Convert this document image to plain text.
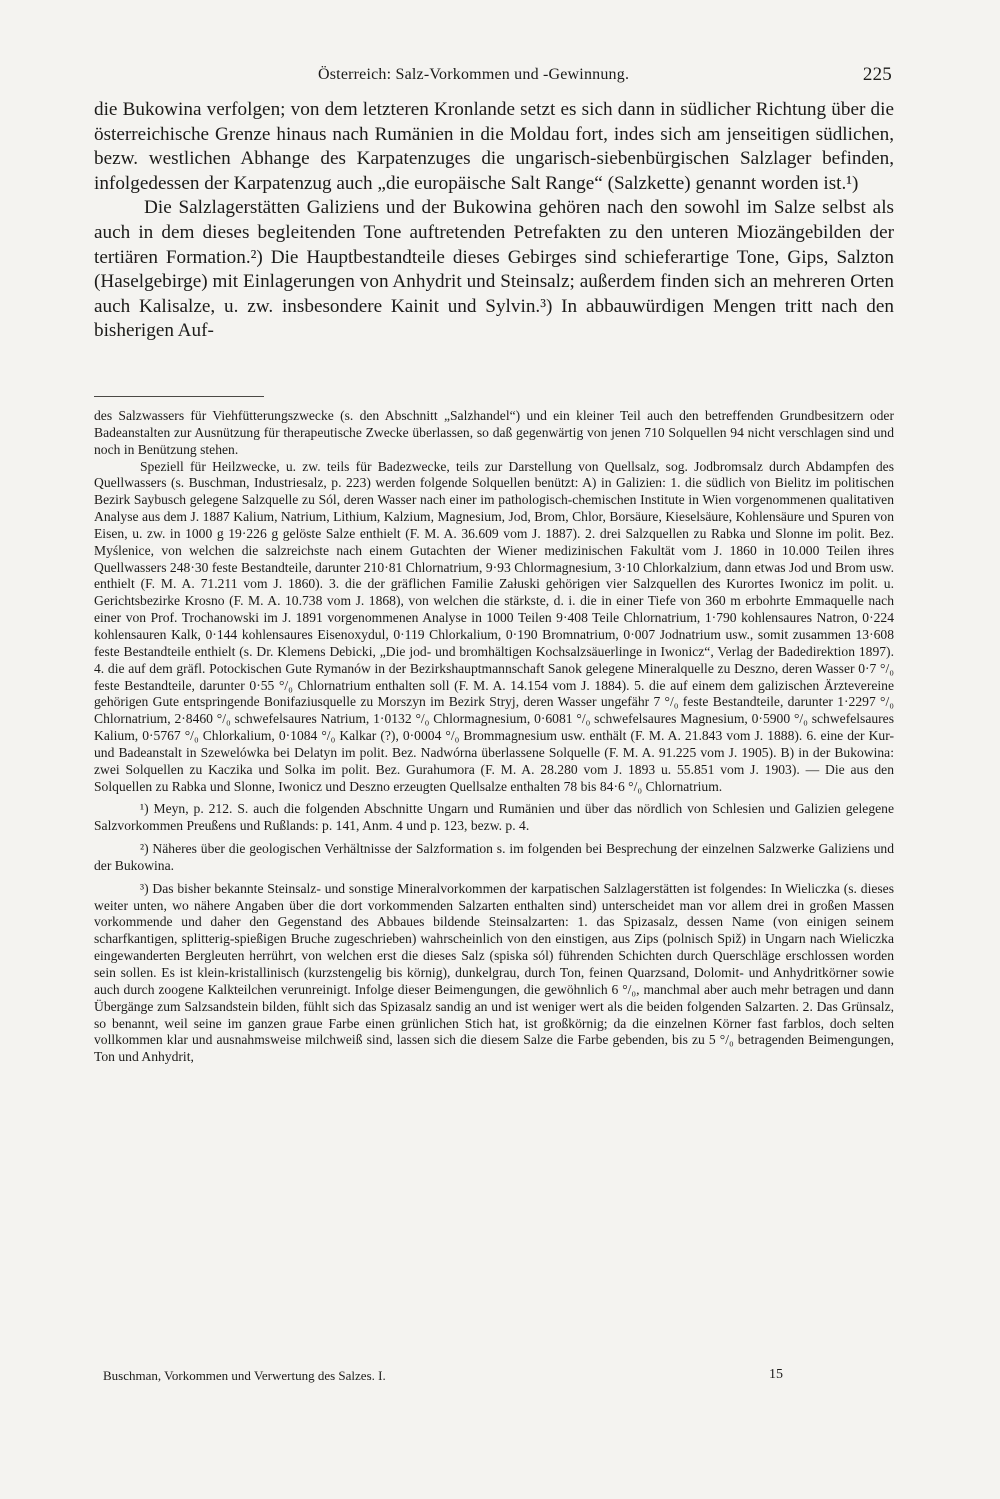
Österreich: Salz-Vorkommen und -Gewinnung.	225

die Bukowina verfolgen; von dem letzteren Kronlande setzt es sich dann in südlicher Richtung über die österreichische Grenze hinaus nach Rumänien in die Moldau fort, indes sich am jenseitigen südlichen, bezw. westlichen Abhange des Karpatenzuges die ungarisch-siebenbürgischen Salzlager befinden, infolgedessen der Karpatenzug auch „die europäische Salt Range“ (Salzkette) genannt worden ist.¹)

Die Salzlagerstätten Galiziens und der Bukowina gehören nach den sowohl im Salze selbst als auch in dem dieses begleitenden Tone auftretenden Petrefakten zu den unteren Miozängebilden der tertiären Formation.²) Die Hauptbestandteile dieses Gebirges sind schieferartige Tone, Gips, Salzton (Haselgebirge) mit Einlagerungen von Anhydrit und Steinsalz; außerdem finden sich an mehreren Orten auch Kalisalze, u. zw. insbesondere Kainit und Sylvin.³) In abbauwürdigen Mengen tritt nach den bisherigen Auf-

des Salzwassers für Viehfütterungszwecke (s. den Abschnitt „Salzhandel“) und ein kleiner Teil auch den betreffenden Grundbesitzern oder Badeanstalten zur Ausnützung für therapeutische Zwecke überlassen, so daß gegenwärtig von jenen 710 Solquellen 94 nicht verschlagen sind und noch in Benützung stehen.

Speziell für Heilzwecke, u. zw. teils für Badezwecke, teils zur Darstellung von Quellsalz, sog. Jodbromsalz durch Abdampfen des Quellwassers (s. Buschman, Industriesalz, p. 223) werden folgende Solquellen benützt: A) in Galizien: 1. die südlich von Bielitz im politischen Bezirk Saybusch gelegene Salzquelle zu Sól, deren Wasser nach einer im pathologisch-chemischen Institute in Wien vorgenommenen qualitativen Analyse aus dem J. 1887 Kalium, Natrium, Lithium, Kalzium, Magnesium, Jod, Brom, Chlor, Borsäure, Kieselsäure, Kohlensäure und Spuren von Eisen, u. zw. in 1000 g 19·226 g gelöste Salze enthielt (F. M. A. 36.609 vom J. 1887). 2. drei Salzquellen zu Rabka und Slonne im polit. Bez. Myślenice, von welchen die salzreichste nach einem Gutachten der Wiener medizinischen Fakultät vom J. 1860 in 10.000 Teilen ihres Quellwassers 248·30 feste Bestandteile, darunter 210·81 Chlornatrium, 9·93 Chlormagnesium, 3·10 Chlorkalzium, dann etwas Jod und Brom usw. enthielt (F. M. A. 71.211 vom J. 1860). 3. die der gräflichen Familie Załuski gehörigen vier Salzquellen des Kurortes Iwonicz im polit. u. Gerichtsbezirke Krosno (F. M. A. 10.738 vom J. 1868), von welchen die stärkste, d. i. die in einer Tiefe von 360 m erbohrte Emmaquelle nach einer von Prof. Trochanowski im J. 1891 vorgenommenen Analyse in 1000 Teilen 9·408 Teile Chlornatrium, 1·790 kohlensaures Natron, 0·224 kohlensauren Kalk, 0·144 kohlensaures Eisenoxydul, 0·119 Chlorkalium, 0·190 Bromnatrium, 0·007 Jodnatrium usw., somit zusammen 13·608 feste Bestandteile enthielt (s. Dr. Klemens Debicki, „Die jod- und bromhältigen Kochsalzsäuerlinge in Iwonicz“, Verlag der Badedirektion 1897). 4. die auf dem gräfl. Potockischen Gute Rymanów in der Bezirkshauptmannschaft Sanok gelegene Mineralquelle zu Deszno, deren Wasser 0·7 °/₀ feste Bestandteile, darunter 0·55 °/₀ Chlornatrium enthalten soll (F. M. A. 14.154 vom J. 1884). 5. die auf einem dem galizischen Ärztevereine gehörigen Gute entspringende Bonifaziusquelle zu Morszyn im Bezirk Stryj, deren Wasser ungefähr 7 °/₀ feste Bestandteile, darunter 1·2297 °/₀ Chlornatrium, 2·8460 °/₀ schwefelsaures Natrium, 1·0132 °/₀ Chlormagnesium, 0·6081 °/₀ schwefelsaures Magnesium, 0·5900 °/₀ schwefelsaures Kalium, 0·5767 °/₀ Chlorkalium, 0·1084 °/₀ Kalkar (?), 0·0004 °/₀ Brommagnesium usw. enthält (F. M. A. 21.843 vom J. 1888). 6. eine der Kur- und Badeanstalt in Szewelówka bei Delatyn im polit. Bez. Nadwórna überlassene Solquelle (F. M. A. 91.225 vom J. 1905). B) in der Bukowina: zwei Solquellen zu Kaczika und Solka im polit. Bez. Gurahumora (F. M. A. 28.280 vom J. 1893 u. 55.851 vom J. 1903). — Die aus den Solquellen zu Rabka und Slonne, Iwonicz und Deszno erzeugten Quellsalze enthalten 78 bis 84·6 °/₀ Chlornatrium.

¹) Meyn, p. 212. S. auch die folgenden Abschnitte Ungarn und Rumänien und über das nördlich von Schlesien und Galizien gelegene Salzvorkommen Preußens und Rußlands: p. 141, Anm. 4 und p. 123, bezw. p. 4.

²) Näheres über die geologischen Verhältnisse der Salzformation s. im folgenden bei Besprechung der einzelnen Salzwerke Galiziens und der Bukowina.

³) Das bisher bekannte Steinsalz- und sonstige Mineralvorkommen der karpatischen Salzlagerstätten ist folgendes: In Wieliczka (s. dieses weiter unten, wo nähere Angaben über die dort vorkommenden Salzarten enthalten sind) unterscheidet man vor allem drei in großen Massen vorkommende und daher den Gegenstand des Abbaues bildende Steinsalzarten: 1. das Spizasalz, dessen Name (von einigen seinem scharfkantigen, splitterig-spießigen Bruche zugeschrieben) wahrscheinlich von den einstigen, aus Zips (polnisch Spiž) in Ungarn nach Wieliczka eingewanderten Bergleuten herrührt, von welchen erst die dieses Salz (spiska sól) führenden Schichten durch Querschläge erschlossen worden sein sollen. Es ist klein-kristallinisch (kurzstengelig bis körnig), dunkelgrau, durch Ton, feinen Quarzsand, Dolomit- und Anhydritkörner sowie auch durch zoogene Kalkteilchen verunreinigt. Infolge dieser Beimengungen, die gewöhnlich 6 °/₀, manchmal aber auch mehr betragen und dann Übergänge zum Salzsandstein bilden, fühlt sich das Spizasalz sandig an und ist weniger wert als die beiden folgenden Salzarten. 2. Das Grünsalz, so benannt, weil seine im ganzen graue Farbe einen grünlichen Stich hat, ist großkörnig; da die einzelnen Körner fast farblos, doch selten vollkommen klar und ausnahmsweise milchweiß sind, lassen sich die diesem Salze die Farbe gebenden, bis zu 5 °/₀ betragenden Beimengungen, Ton und Anhydrit,

Buschman, Vorkommen und Verwertung des Salzes. I.	15
